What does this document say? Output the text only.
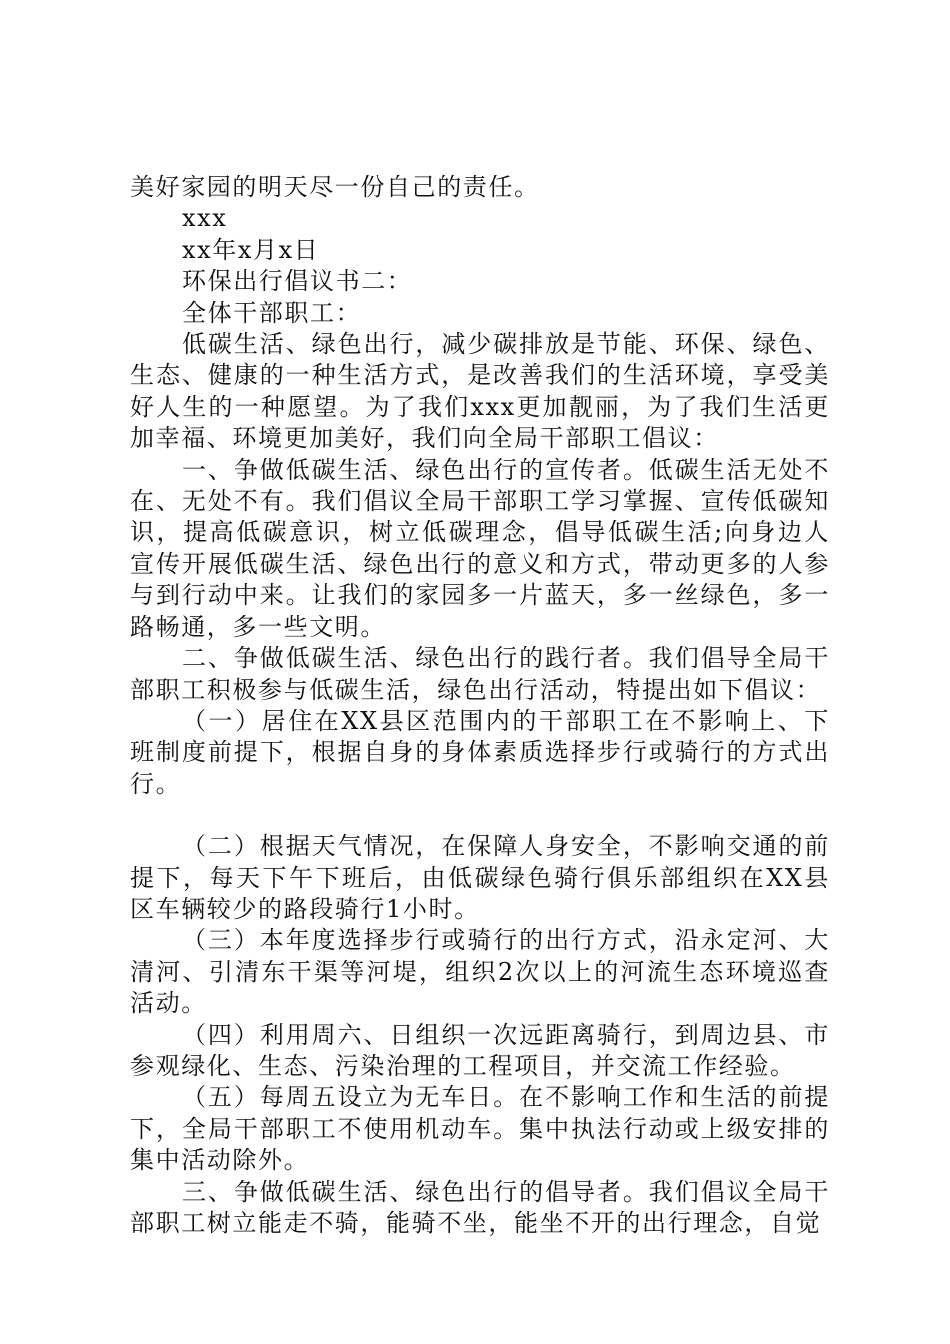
美好家园的明天尽一份自己的责任。

xxx

xx年x月x日

环保出行倡议书二：

全体干部职工：

低碳生活、绿色出行，减少碳排放是节能、环保、绿色、生态、健康的一种生活方式，是改善我们的生活环境，享受美好人生的一种愿望。为了我们xxx更加靓丽，为了我们生活更加幸福、环境更加美好，我们向全局干部职工倡议：

一、争做低碳生活、绿色出行的宣传者。低碳生活无处不在、无处不有。我们倡议全局干部职工学习掌握、宣传低碳知识，提高低碳意识，树立低碳理念，倡导低碳生活;向身边人宣传开展低碳生活、绿色出行的意义和方式，带动更多的人参与到行动中来。让我们的家园多一片蓝天，多一丝绿色，多一路畅通，多一些文明。

二、争做低碳生活、绿色出行的践行者。我们倡导全局干部职工积极参与低碳生活，绿色出行活动，特提出如下倡议：

（一）居住在XX县区范围内的干部职工在不影响上、下班制度前提下，根据自身的身体素质选择步行或骑行的方式出行。

（二）根据天气情况，在保障人身安全，不影响交通的前提下，每天下午下班后，由低碳绿色骑行俱乐部组织在XX县区车辆较少的路段骑行1小时。

（三）本年度选择步行或骑行的出行方式，沿永定河、大清河、引清东干渠等河堤，组织2次以上的河流生态环境巡查活动。

（四）利用周六、日组织一次远距离骑行，到周边县、市参观绿化、生态、污染治理的工程项目，并交流工作经验。

（五）每周五设立为无车日。在不影响工作和生活的前提下，全局干部职工不使用机动车。集中执法行动或上级安排的集中活动除外。

三、争做低碳生活、绿色出行的倡导者。我们倡议全局干部职工树立能走不骑，能骑不坐，能坐不开的出行理念，自觉
